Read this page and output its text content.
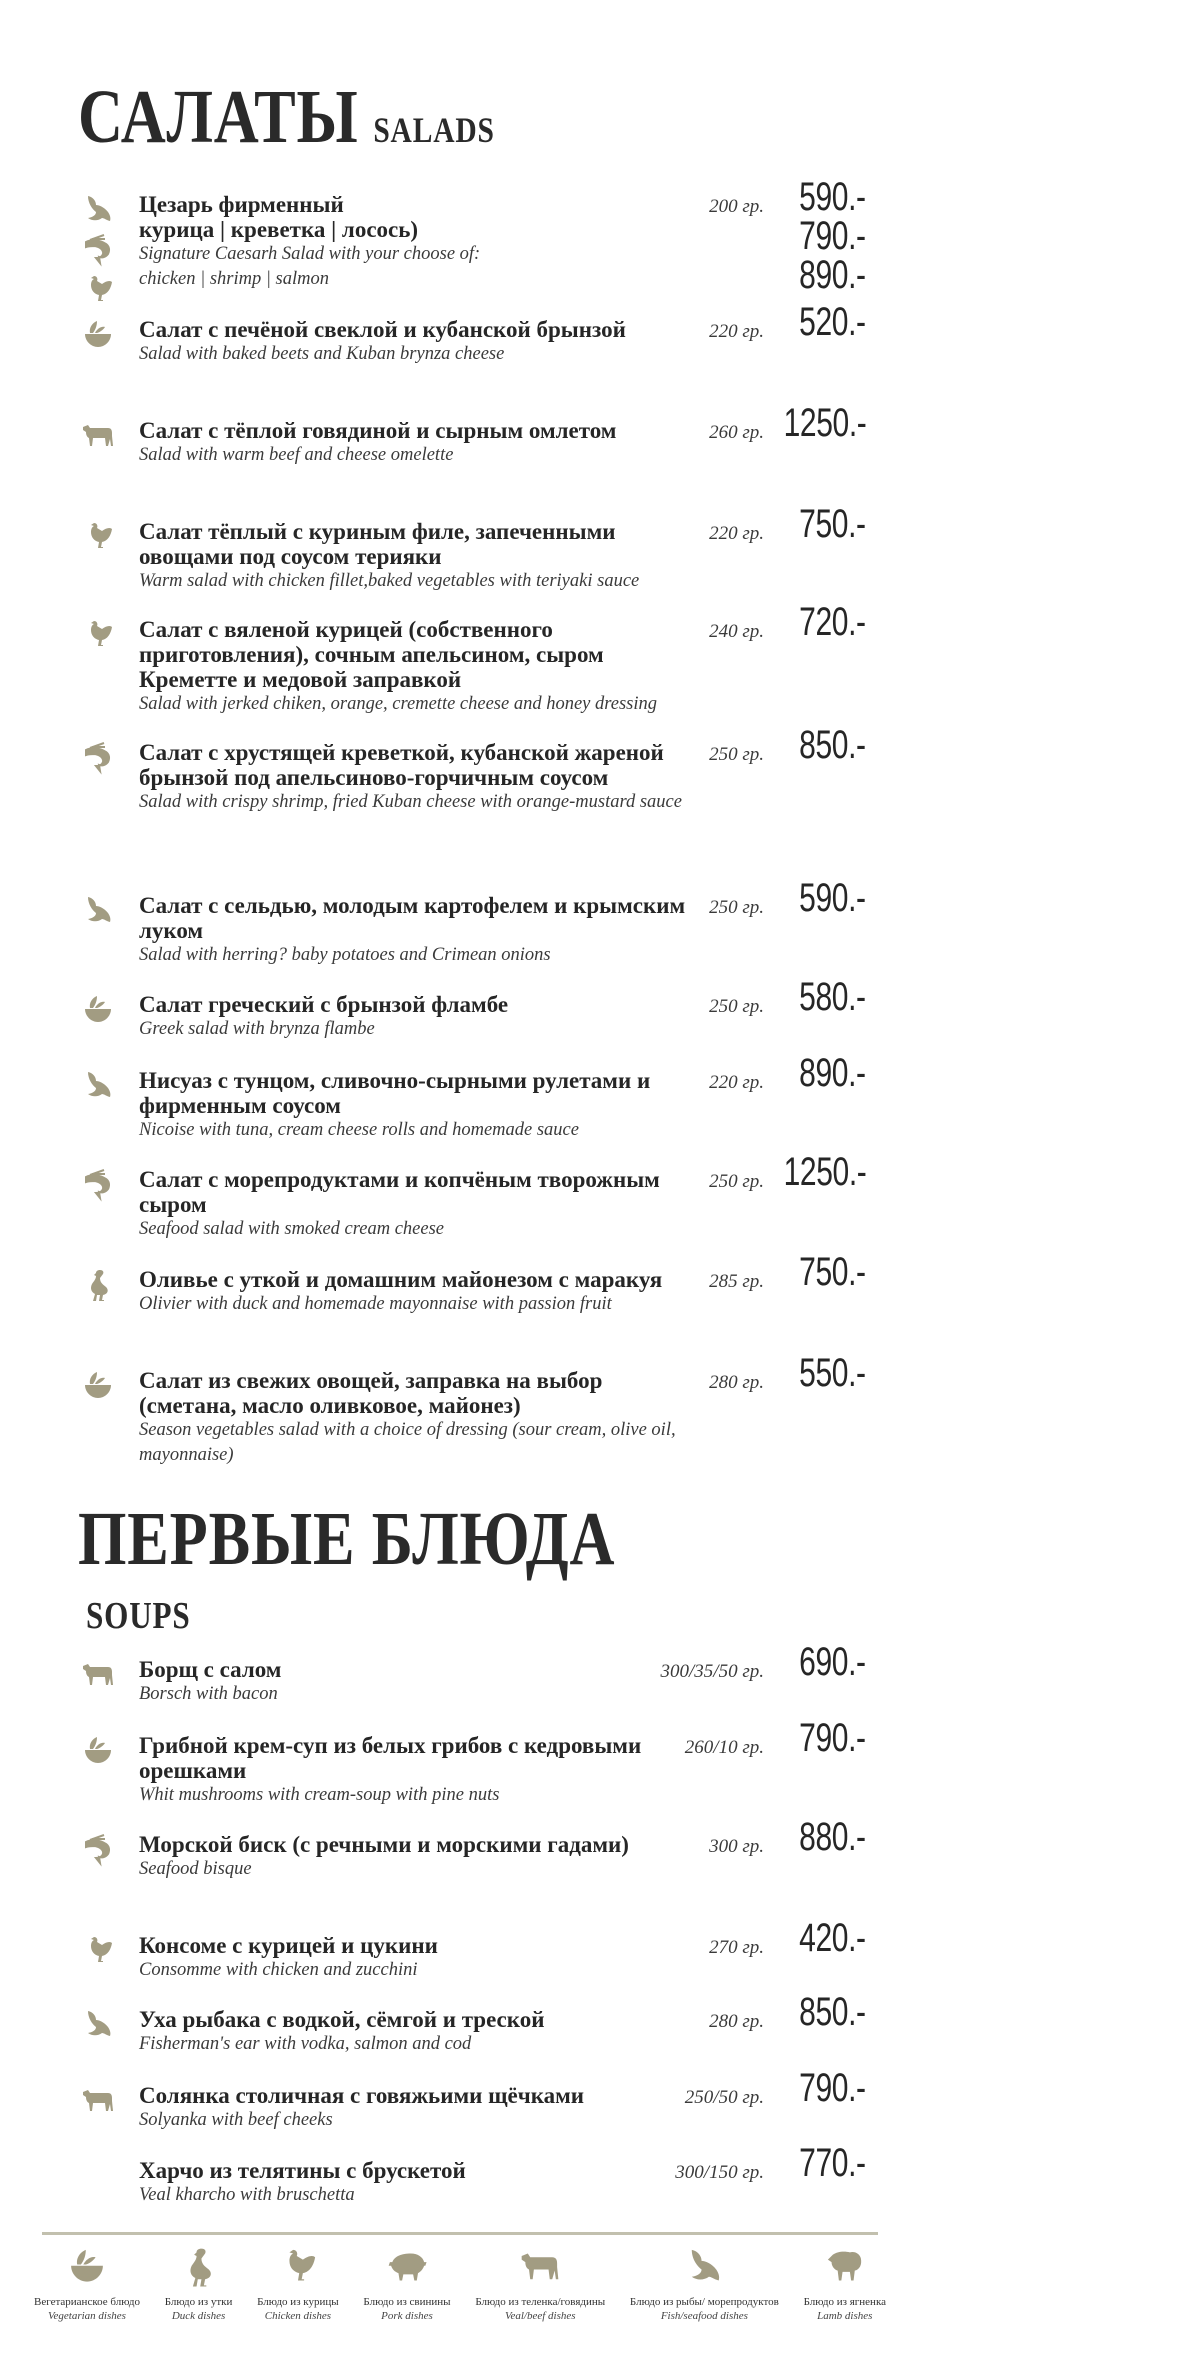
САЛАТЫ SALADS
Цезарь фирменный
курица | креветка | лосось)
Signature Caesarh Salad with your choose of:
chicken | shrimp | salmon
200 гр. 590.-
790.-
890.-
Салат с печёной свеклой и кубанской брынзой
Salad with baked beets and Kuban brynza cheese
220 гр. 520.-
Салат с тёплой говядиной и сырным омлетом
Salad with warm beef and cheese omelette
260 гр. 1250.-
Салат тёплый с куриным филе, запеченными овощами под соусом терияки
Warm salad with chicken fillet,baked vegetables with teriyaki sauce
220 гр. 750.-
Салат с вяленой курицей (собственного приготовления), сочным апельсином, сыром Креметте и медовой заправкой
Salad with jerked chiken, orange, cremette cheese and honey dressing
240 гр. 720.-
Салат с хрустящей креветкой, кубанской жареной брынзой под апельсиново-горчичным соусом
Salad with crispy shrimp, fried Kuban cheese with orange-mustard sauce
250 гр. 850.-
Салат с сельдью, молодым картофелем и крымским луком
Salad with herring? baby potatoes and Crimean onions
250 гр. 590.-
Салат греческий с брынзой фламбе
Greek salad with brynza flambe
250 гр. 580.-
Нисуаз с тунцом, сливочно-сырными рулетами и фирменным соусом
Nicoise with tuna, cream cheese rolls and homemade sauce
220 гр. 890.-
Салат с морепродуктами и копчёным творожным сыром
Seafood salad with smoked cream cheese
250 гр. 1250.-
Оливье с уткой и домашним майонезом с маракуя
Olivier with duck and homemade mayonnaise with passion fruit
285 гр. 750.-
Салат из свежих овощей, заправка на выбор (сметана, масло оливковое, майонез)
Season vegetables salad with a choice of dressing (sour cream, olive oil, mayonnaise)
280 гр. 550.-
ПЕРВЫЕ БЛЮДА
SOUPS
Борщ с салом
Borsch with bacon
300/35/50 гр. 690.-
Грибной крем-суп из белых грибов с кедровыми орешками
Whit mushrooms with cream-soup with pine nuts
260/10 гр. 790.-
Морской биск (с речными и морскими гадами)
Seafood bisque
300 гр. 880.-
Консоме с курицей и цукини
Consomme with chicken and zucchini
270 гр. 420.-
Уха рыбака с водкой, сёмгой и треской
Fisherman's ear with vodka, salmon and cod
280 гр. 850.-
Солянка столичная с говяжьими щёчками
Solyanka with beef cheeks
250/50 гр. 790.-
Харчо из телятины с брускетой
Veal kharcho with bruschetta
300/150 гр. 770.-
Вегетарианское блюдо
Vegetarian dishes
Блюдо из утки
Duck dishes
Блюдо из курицы
Chicken dishes
Блюдо из свинины
Pork dishes
Блюдо из теленка/говядины
Veal/beef dishes
Блюдо из рыбы/ морепродуктов
Fish/seafood dishes
Блюдо из ягненка
Lamb dishes
